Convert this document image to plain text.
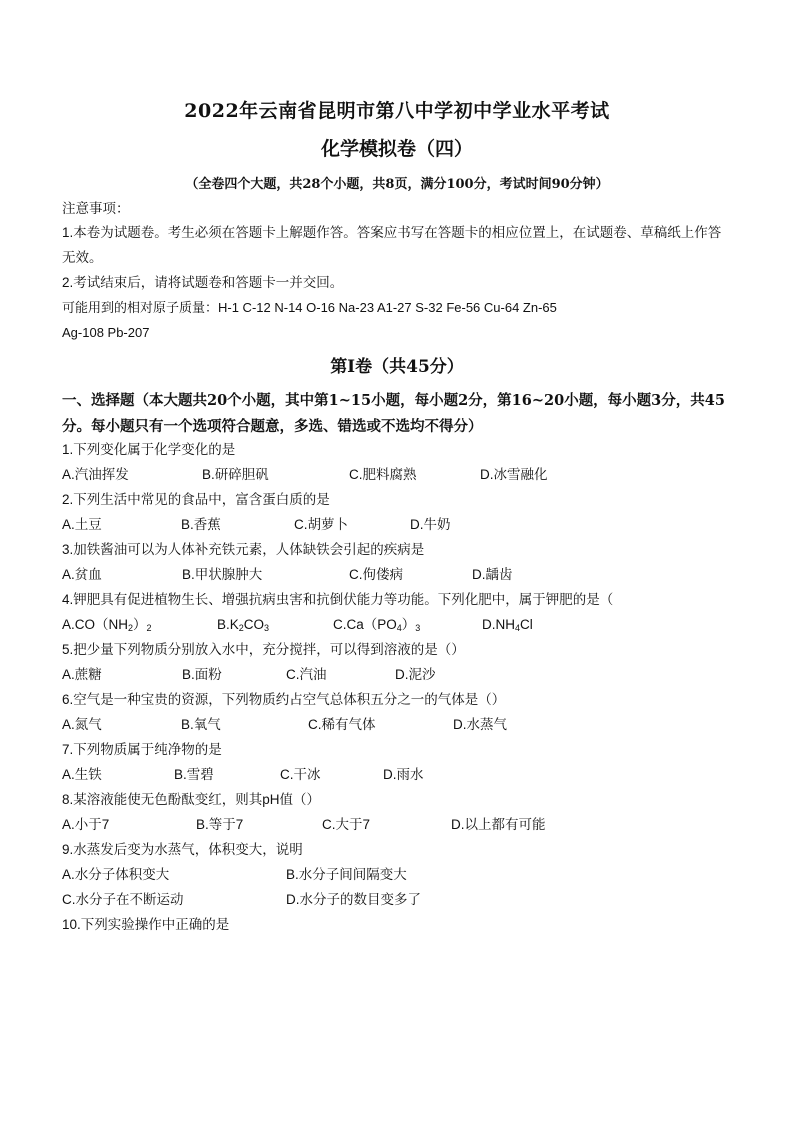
2022年云南省昆明市第八中学初中学业水平考试
化学模拟卷（四）
（全卷四个大题，共28个小题，共8页，满分100分，考试时间90分钟）
注意事项：
1.本卷为试题卷。考生必须在答题卡上解题作答。答案应书写在答题卡的相应位置上，在试题卷、草稿纸上作答无效。
2.考试结束后，请将试题卷和答题卡一并交回。
可能用到的相对原子质量：H-1 C-12 N-14 O-16 Na-23 A1-27 S-32 Fe-56 Cu-64 Zn-65
Ag-108 Pb-207
第Ⅰ卷（共45分）
一、选择题（本大题共20个小题，其中第1~15小题，每小题2分，第16~20小题，每小题3分，共45分。每小题只有一个选项符合题意，多选、错选或不选均不得分）
1.下列变化属于化学变化的是
A.汽油挥发	B.研碎胆矾	C.肥料腐熟	D.冰雪融化
2.下列生活中常见的食品中，富含蛋白质的是
A.土豆	B.香蕉	C.胡萝卜	D.牛奶
3.加铁酱油可以为人体补充铁元素，人体缺铁会引起的疾病是
A.贫血	B.甲状腺肿大	C.佝偻病	D.龋齿
4.钾肥具有促进植物生长、增强抗病虫害和抗倒伏能力等功能。下列化肥中，属于钾肥的是（
$A.CO(NH_2)_2$	$B.K_2CO_3$	$C.Ca(PO_4)_3$	$D.NH_4Cl$
5.把少量下列物质分别放入水中，充分搅拌，可以得到溶液的是（）
A.蔗糖	B.面粉	C.汽油	D.泥沙
6.空气是一种宝贵的资源，下列物质约占空气总体积五分之一的气体是（）
A.氮气	B.氧气	C.稀有气体	D.水蒸气
7.下列物质属于纯净物的是
A.生铁	B.雪碧	C.干冰	D.雨水
8.某溶液能使无色酚酞变红，则其pH值（）
A.小于7	B.等于7	C.大于7	D.以上都有可能
9.水蒸发后变为水蒸气，体积变大，说明
A.水分子体积变大	B.水分子间间隔变大
C.水分子在不断运动	D.水分子的数目变多了
10.下列实验操作中正确的是
